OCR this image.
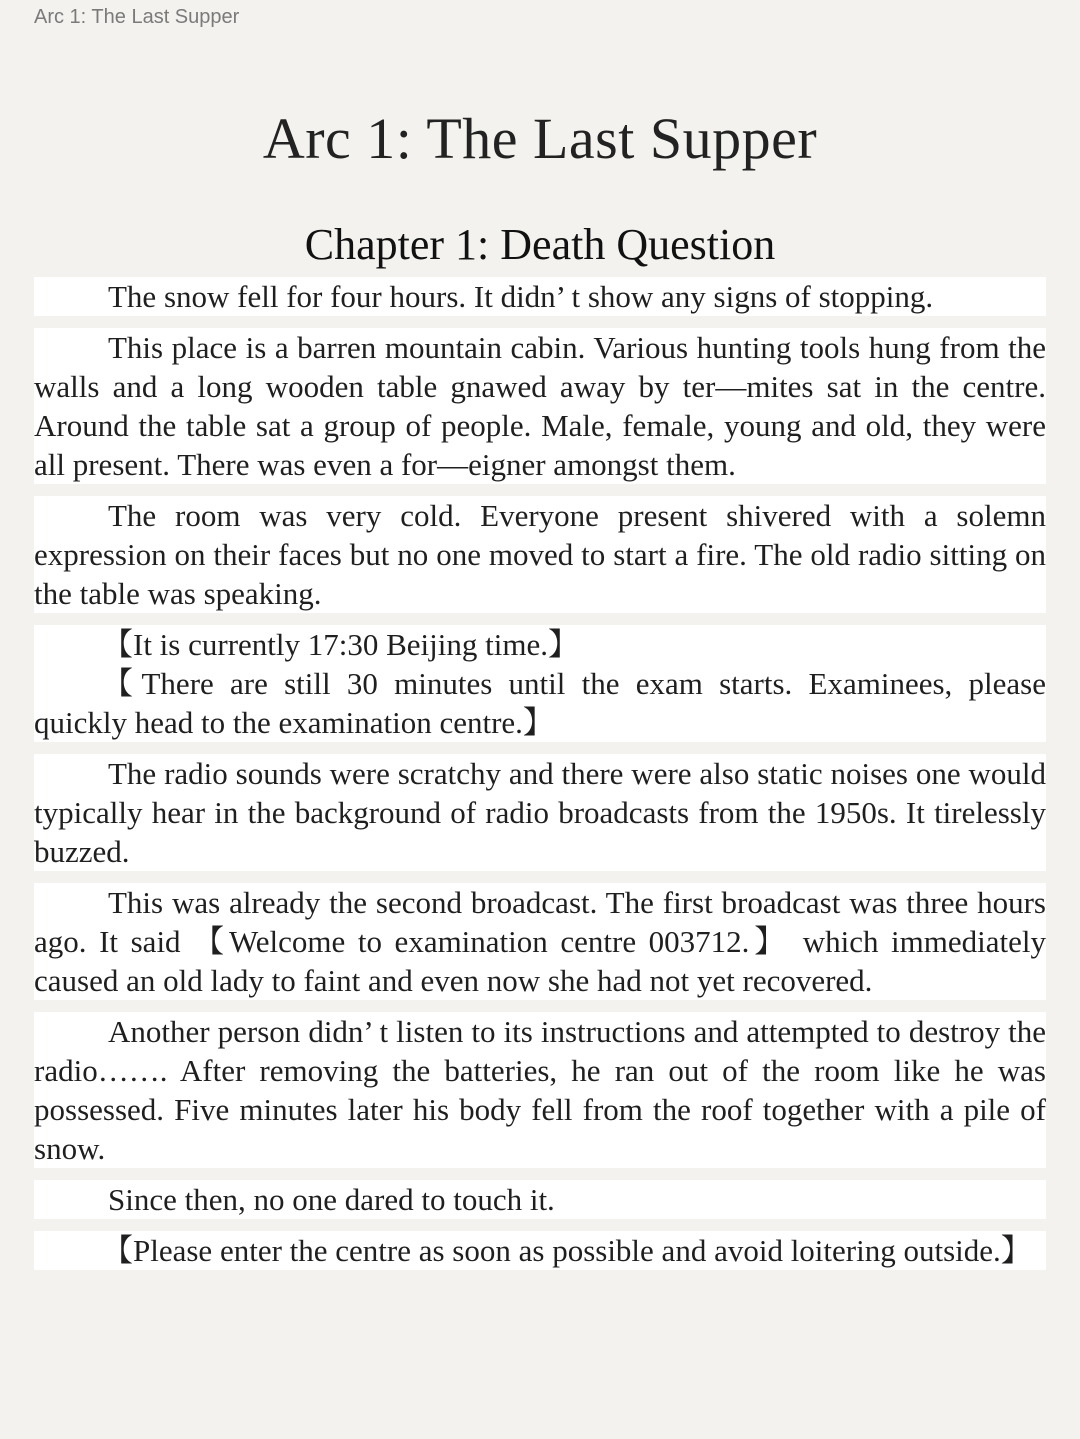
Arc 1: The Last Supper
Arc 1: The Last Supper
Chapter 1: Death Question

The snow fell for four hours. It didn’ t show any signs of stopping.

This place is a barren mountain cabin. Various hunting tools hung from the walls and a long wooden table gnawed away by ter—mites sat in the centre. Around the table sat a group of people. Male, female, young and old, they were all present. There was even a for—eigner amongst them.

The room was very cold. Everyone present shivered with a solemn expression on their faces but no one moved to start a fire. The old radio sitting on the table was speaking.

【It is currently 17:30 Beijing time.】

【There are still 30 minutes until the exam starts. Examinees, please quickly head to the examination centre.】

The radio sounds were scratchy and there were also static noises one would typically hear in the background of radio broadcasts from the 1950s. It tirelessly buzzed.

This was already the second broadcast. The first broadcast was three hours ago. It said 【Welcome to examination centre 003712.】 which immediately caused an old lady to faint and even now she had not yet recovered.

Another person didn’ t listen to its instructions and attempted to destroy the radio……. After removing the batteries, he ran out of the room like he was possessed. Five minutes later his body fell from the roof together with a pile of snow.

Since then, no one dared to touch it.

【Please enter the centre as soon as possible and avoid loitering outside.】
